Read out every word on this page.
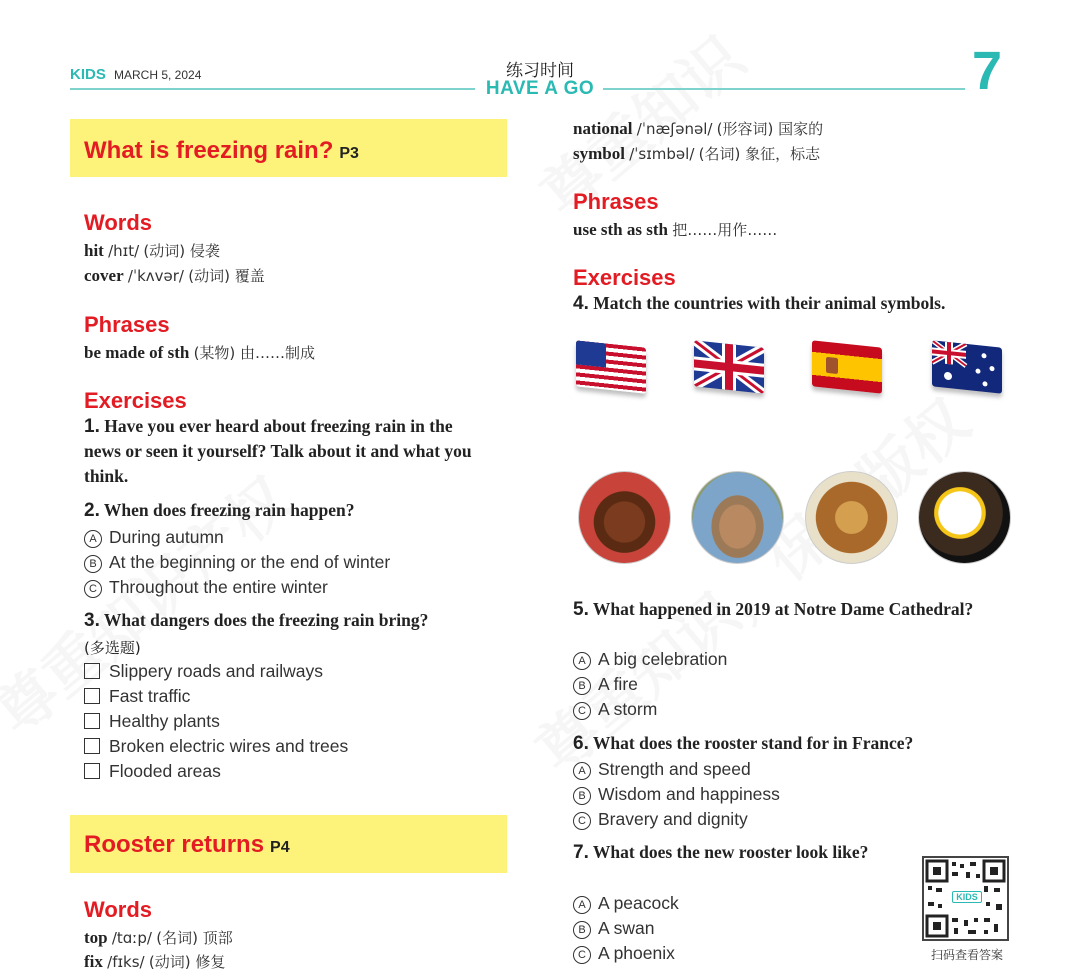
KIDS MARCH 5, 2024	练习时间
HAVE A GO	7
What is freezing rain? P3
Words
hit /hɪt/ (动词) 侵袭
cover /ˈkʌvər/ (动词) 覆盖
Phrases
be made of sth (某物) 由……制成
Exercises
1. Have you ever heard about freezing rain in the news or seen it yourself? Talk about it and what you think.
2. When does freezing rain happen?
A During autumn
B At the beginning or the end of winter
C Throughout the entire winter
3. What dangers does the freezing rain bring?
(多选题)
Slippery roads and railways
Fast traffic
Healthy plants
Broken electric wires and trees
Flooded areas
Rooster returns P4
Words
top /tɑːp/ (名词) 顶部
fix /fɪks/ (动词) 修复
national /ˈnæʃənəl/ (形容词) 国家的
symbol /ˈsɪmbəl/ (名词) 象征，标志
Phrases
use sth as sth 把……用作……
Exercises
4. Match the countries with their animal symbols.
5. What happened in 2019 at Notre Dame Cathedral?
A A big celebration
B A fire
C A storm
6. What does the rooster stand for in France?
A Strength and speed
B Wisdom and happiness
C Bravery and dignity
7. What does the new rooster look like?
A A peacock
B A swan
C A phoenix
KIDS
扫码查看答案
